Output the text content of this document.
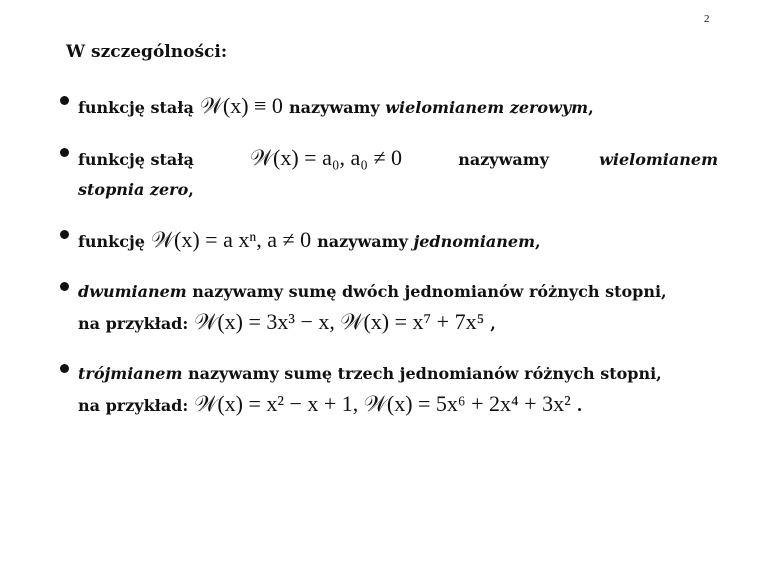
2
W szczególności:
funkcję stałą 𝒲(x) ≡ 0 nazywamy wielomianem zerowym,
funkcję stałą	𝒲(x) = a₀, a₀ ≠ 0	nazywamy	wielomianem
stopnia zero,
funkcję 𝒲(x) = a xⁿ, a ≠ 0 nazywamy jednomianem,
dwumianem nazywamy sumę dwóch jednomianów różnych stopni,
na przykład: 𝒲(x) = 3x³ − x, 𝒲(x) = x⁷ + 7x⁵ ,
trójmianem nazywamy sumę trzech jednomianów różnych stopni,
na przykład: 𝒲(x) = x² − x + 1, 𝒲(x) = 5x⁶ + 2x⁴ + 3x² .
